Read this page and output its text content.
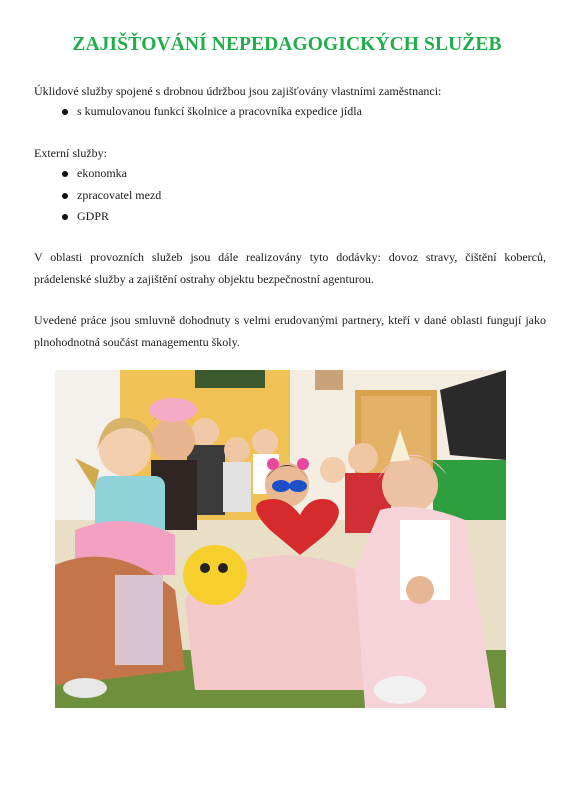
ZAJIŠŤOVÁNÍ NEPEDAGOGICKÝCH SLUŽEB
Úklidové služby spojené s drobnou údržbou jsou zajišťovány vlastními zaměstnanci:
s kumulovanou funkcí školnice a pracovníka expedice jídla
Externí služby:
ekonomka
zpracovatel mezd
GDPR
V oblasti provozních služeb jsou dále realizovány tyto dodávky: dovoz stravy, čištění koberců, prádelenské služby a zajištění ostrahy objektu bezpečnostní agenturou.
Uvedené práce jsou smluvně dohodnuty s velmi erudovanými partnery, kteří v dané oblasti fungují jako plnohodnotná součást managementu školy.
